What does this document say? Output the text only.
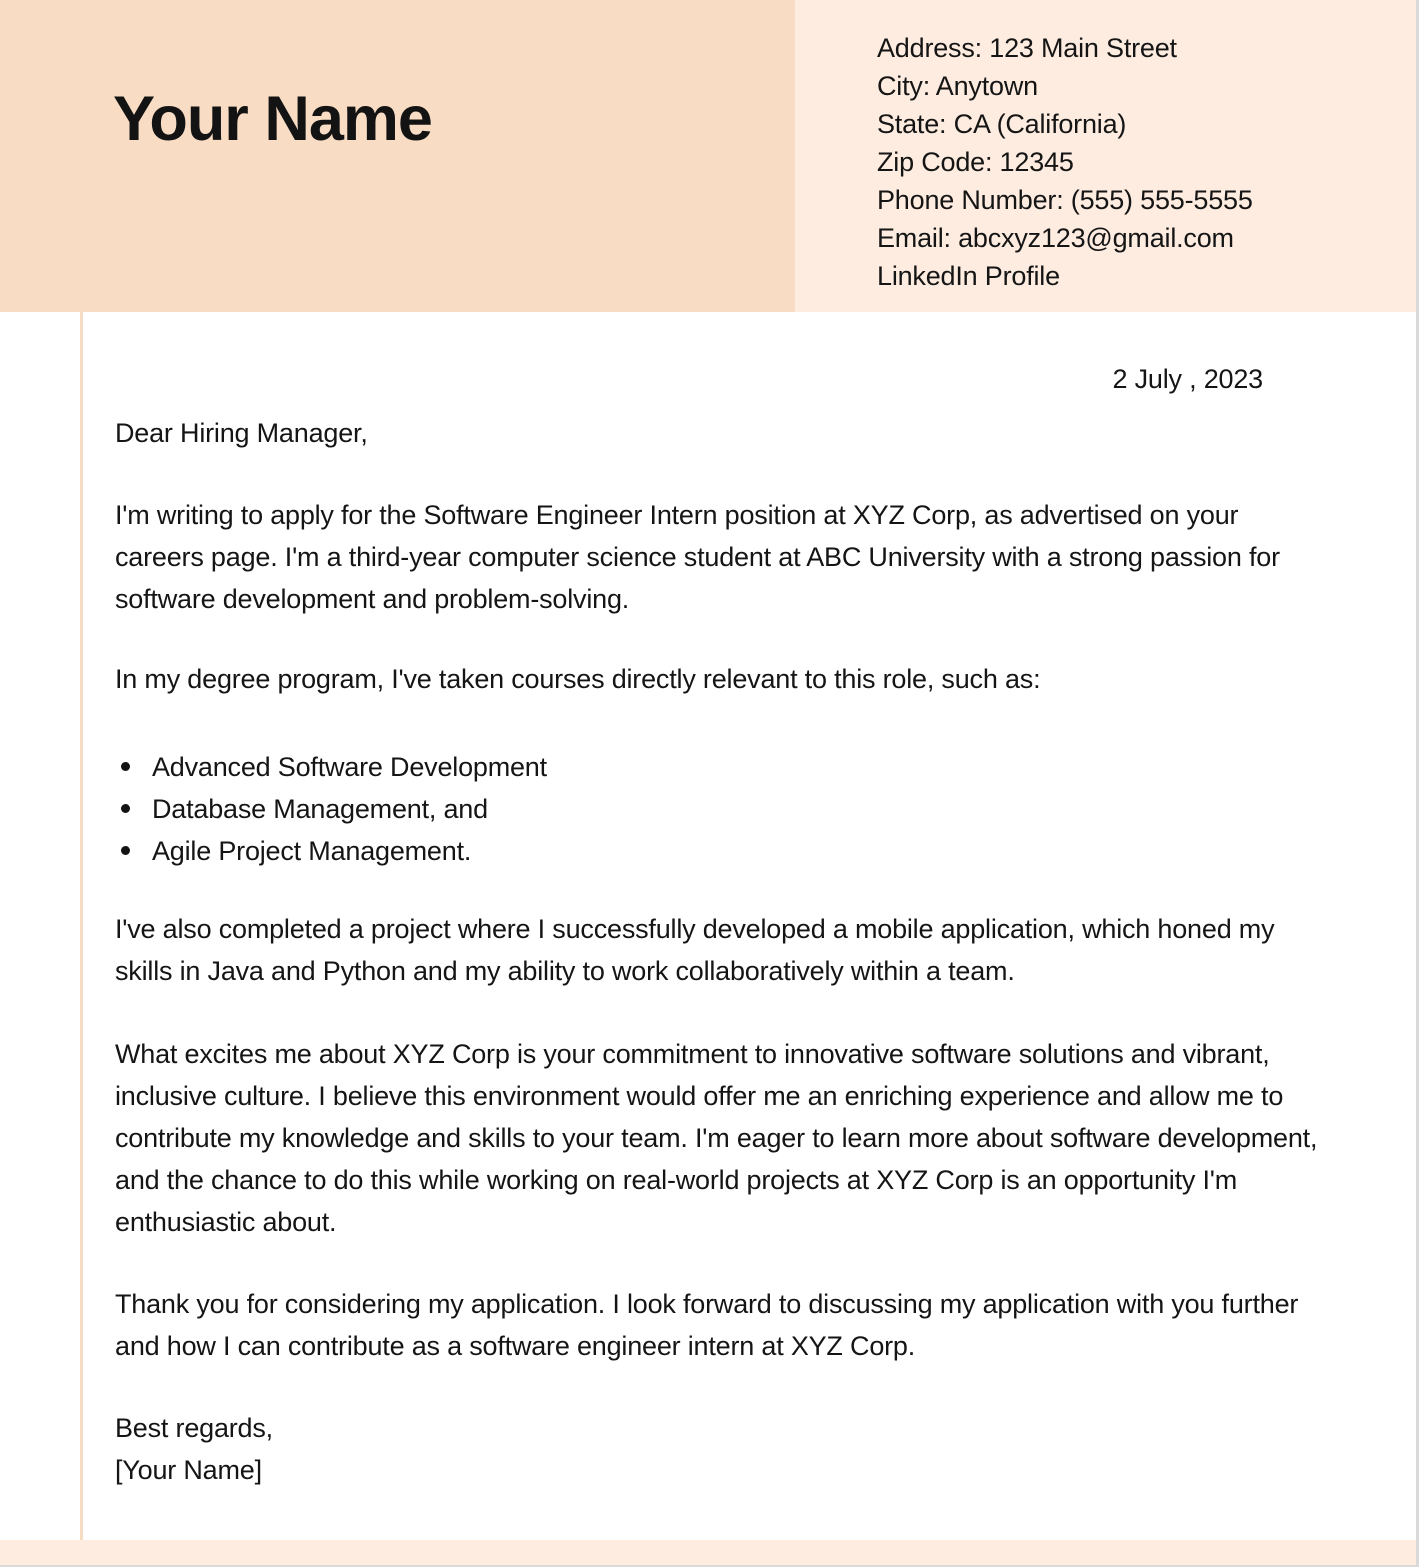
Your Name
Address: 123 Main Street
City: Anytown
State: CA (California)
Zip Code: 12345
Phone Number: (555) 555-5555
Email: abcxyz123@gmail.com
LinkedIn Profile
2 July , 2023

Dear Hiring Manager,

I'm writing to apply for the Software Engineer Intern position at XYZ Corp, as advertised on your careers page. I'm a third-year computer science student at ABC University with a strong passion for software development and problem-solving.

In my degree program, I've taken courses directly relevant to this role, such as:

Advanced Software Development
Database Management, and
Agile Project Management.

I've also completed a project where I successfully developed a mobile application, which honed my skills in Java and Python and my ability to work collaboratively within a team.

What excites me about XYZ Corp is your commitment to innovative software solutions and vibrant, inclusive culture. I believe this environment would offer me an enriching experience and allow me to contribute my knowledge and skills to your team. I'm eager to learn more about software development, and the chance to do this while working on real-world projects at XYZ Corp is an opportunity I'm enthusiastic about.

Thank you for considering my application. I look forward to discussing my application with you further and how I can contribute as a software engineer intern at XYZ Corp.

Best regards,
[Your Name]
